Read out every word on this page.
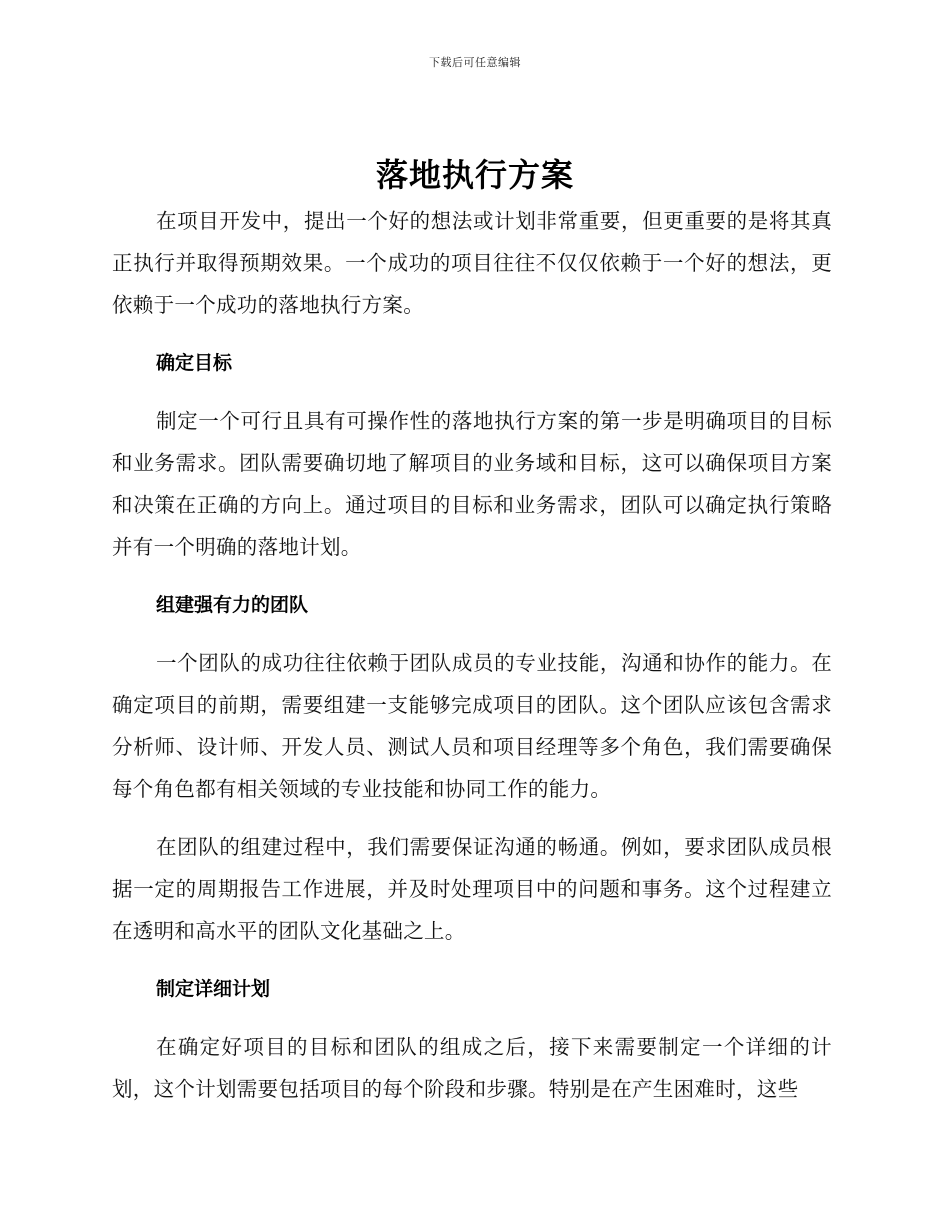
下载后可任意编辑
落地执行方案

在项目开发中，提出一个好的想法或计划非常重要，但更重要的是将其真正执行并取得预期效果。一个成功的项目往往不仅仅依赖于一个好的想法，更依赖于一个成功的落地执行方案。

确定目标

制定一个可行且具有可操作性的落地执行方案的第一步是明确项目的目标和业务需求。团队需要确切地了解项目的业务域和目标，这可以确保项目方案和决策在正确的方向上。通过项目的目标和业务需求，团队可以确定执行策略并有一个明确的落地计划。

组建强有力的团队

一个团队的成功往往依赖于团队成员的专业技能，沟通和协作的能力。在确定项目的前期，需要组建一支能够完成项目的团队。这个团队应该包含需求分析师、设计师、开发人员、测试人员和项目经理等多个角色，我们需要确保每个角色都有相关领域的专业技能和协同工作的能力。

在团队的组建过程中，我们需要保证沟通的畅通。例如，要求团队成员根据一定的周期报告工作进展，并及时处理项目中的问题和事务。这个过程建立在透明和高水平的团队文化基础之上。

制定详细计划

在确定好项目的目标和团队的组成之后，接下来需要制定一个详细的计划，这个计划需要包括项目的每个阶段和步骤。特别是在产生困难时，这些
